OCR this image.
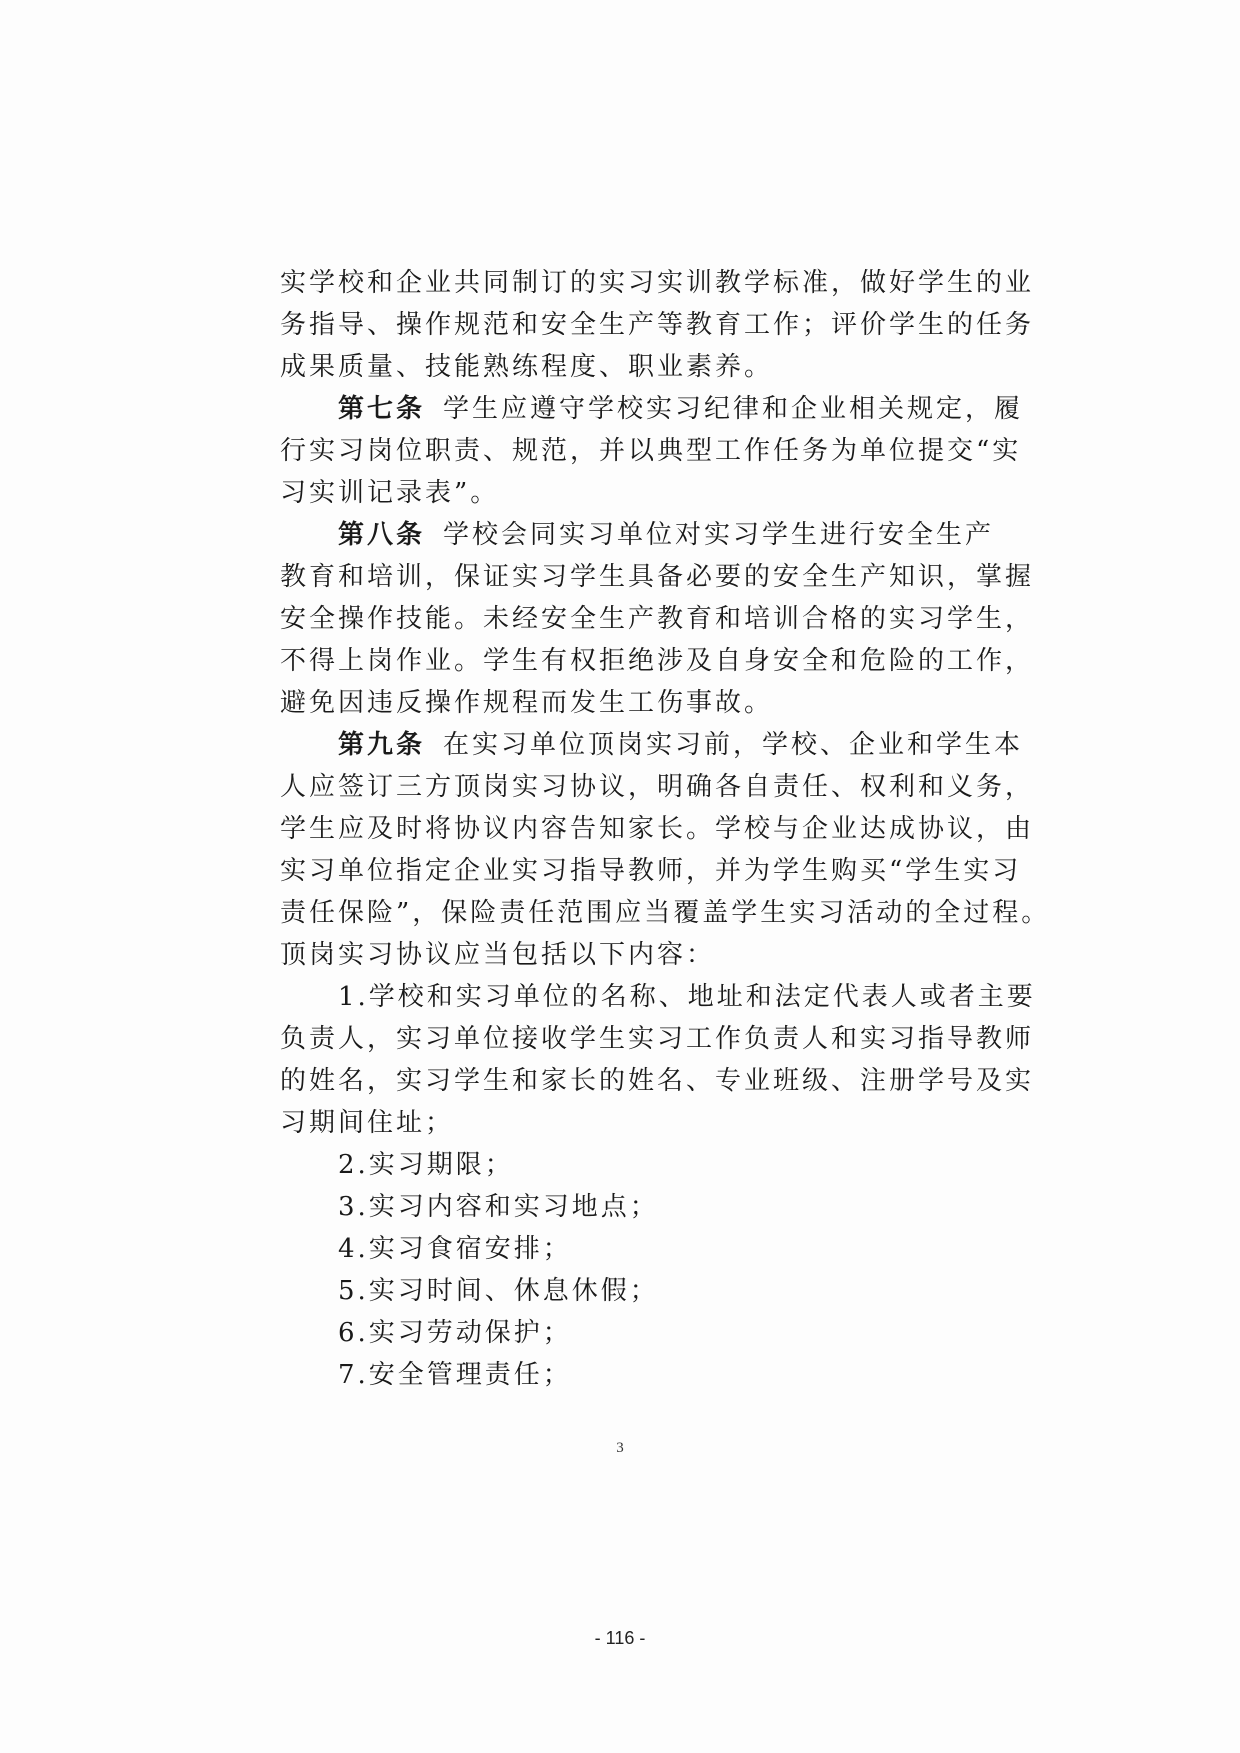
实学校和企业共同制订的实习实训教学标准，做好学生的业
务指导、操作规范和安全生产等教育工作；评价学生的任务
成果质量、技能熟练程度、职业素养。
第七条 学生应遵守学校实习纪律和企业相关规定，履
行实习岗位职责、规范，并以典型工作任务为单位提交“实
习实训记录表”。
第八条 学校会同实习单位对实习学生进行安全生产
教育和培训，保证实习学生具备必要的安全生产知识，掌握
安全操作技能。未经安全生产教育和培训合格的实习学生，
不得上岗作业。学生有权拒绝涉及自身安全和危险的工作，
避免因违反操作规程而发生工伤事故。
第九条 在实习单位顶岗实习前，学校、企业和学生本
人应签订三方顶岗实习协议，明确各自责任、权利和义务，
学生应及时将协议内容告知家长。学校与企业达成协议，由
实习单位指定企业实习指导教师，并为学生购买“学生实习
责任保险”，保险责任范围应当覆盖学生实习活动的全过程。
顶岗实习协议应当包括以下内容：
1.学校和实习单位的名称、地址和法定代表人或者主要
负责人，实习单位接收学生实习工作负责人和实习指导教师
的姓名，实习学生和家长的姓名、专业班级、注册学号及实
习期间住址；
2.实习期限；
3.实习内容和实习地点；
4.实习食宿安排；
5.实习时间、休息休假；
6.实习劳动保护；
7.安全管理责任；
3
- 116 -
